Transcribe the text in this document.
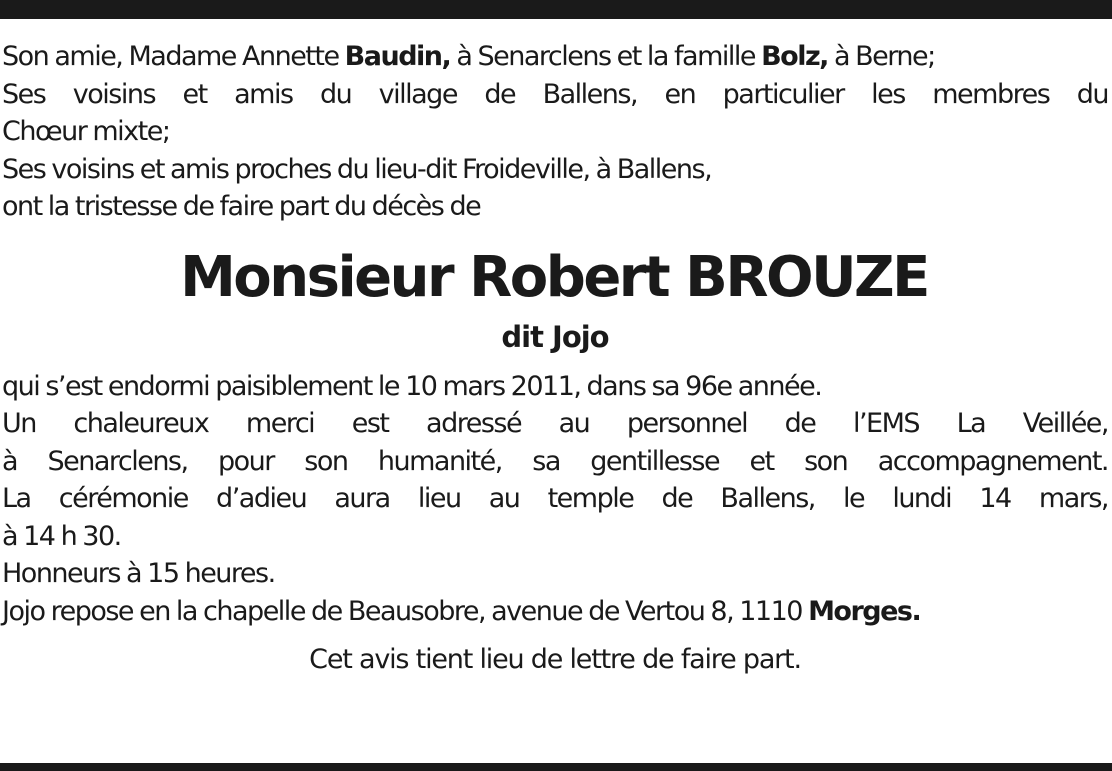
Son amie, Madame Annette Baudin, à Senarclens et la famille Bolz, à Berne;
Ses voisins et amis du village de Ballens, en particulier les membres du
Chœur mixte;
Ses voisins et amis proches du lieu-dit Froideville, à Ballens,
ont la tristesse de faire part du décès de
Monsieur Robert BROUZE
dit Jojo
qui s’est endormi paisiblement le 10 mars 2011, dans sa 96e année.
Un chaleureux merci est adressé au personnel de l’EMS La Veillée,
à Senarclens, pour son humanité, sa gentillesse et son accompagnement.
La cérémonie d’adieu aura lieu au temple de Ballens, le lundi 14 mars,
à 14 h 30.
Honneurs à 15 heures.
Jojo repose en la chapelle de Beausobre, avenue de Vertou 8, 1110 Morges.
Cet avis tient lieu de lettre de faire part.
